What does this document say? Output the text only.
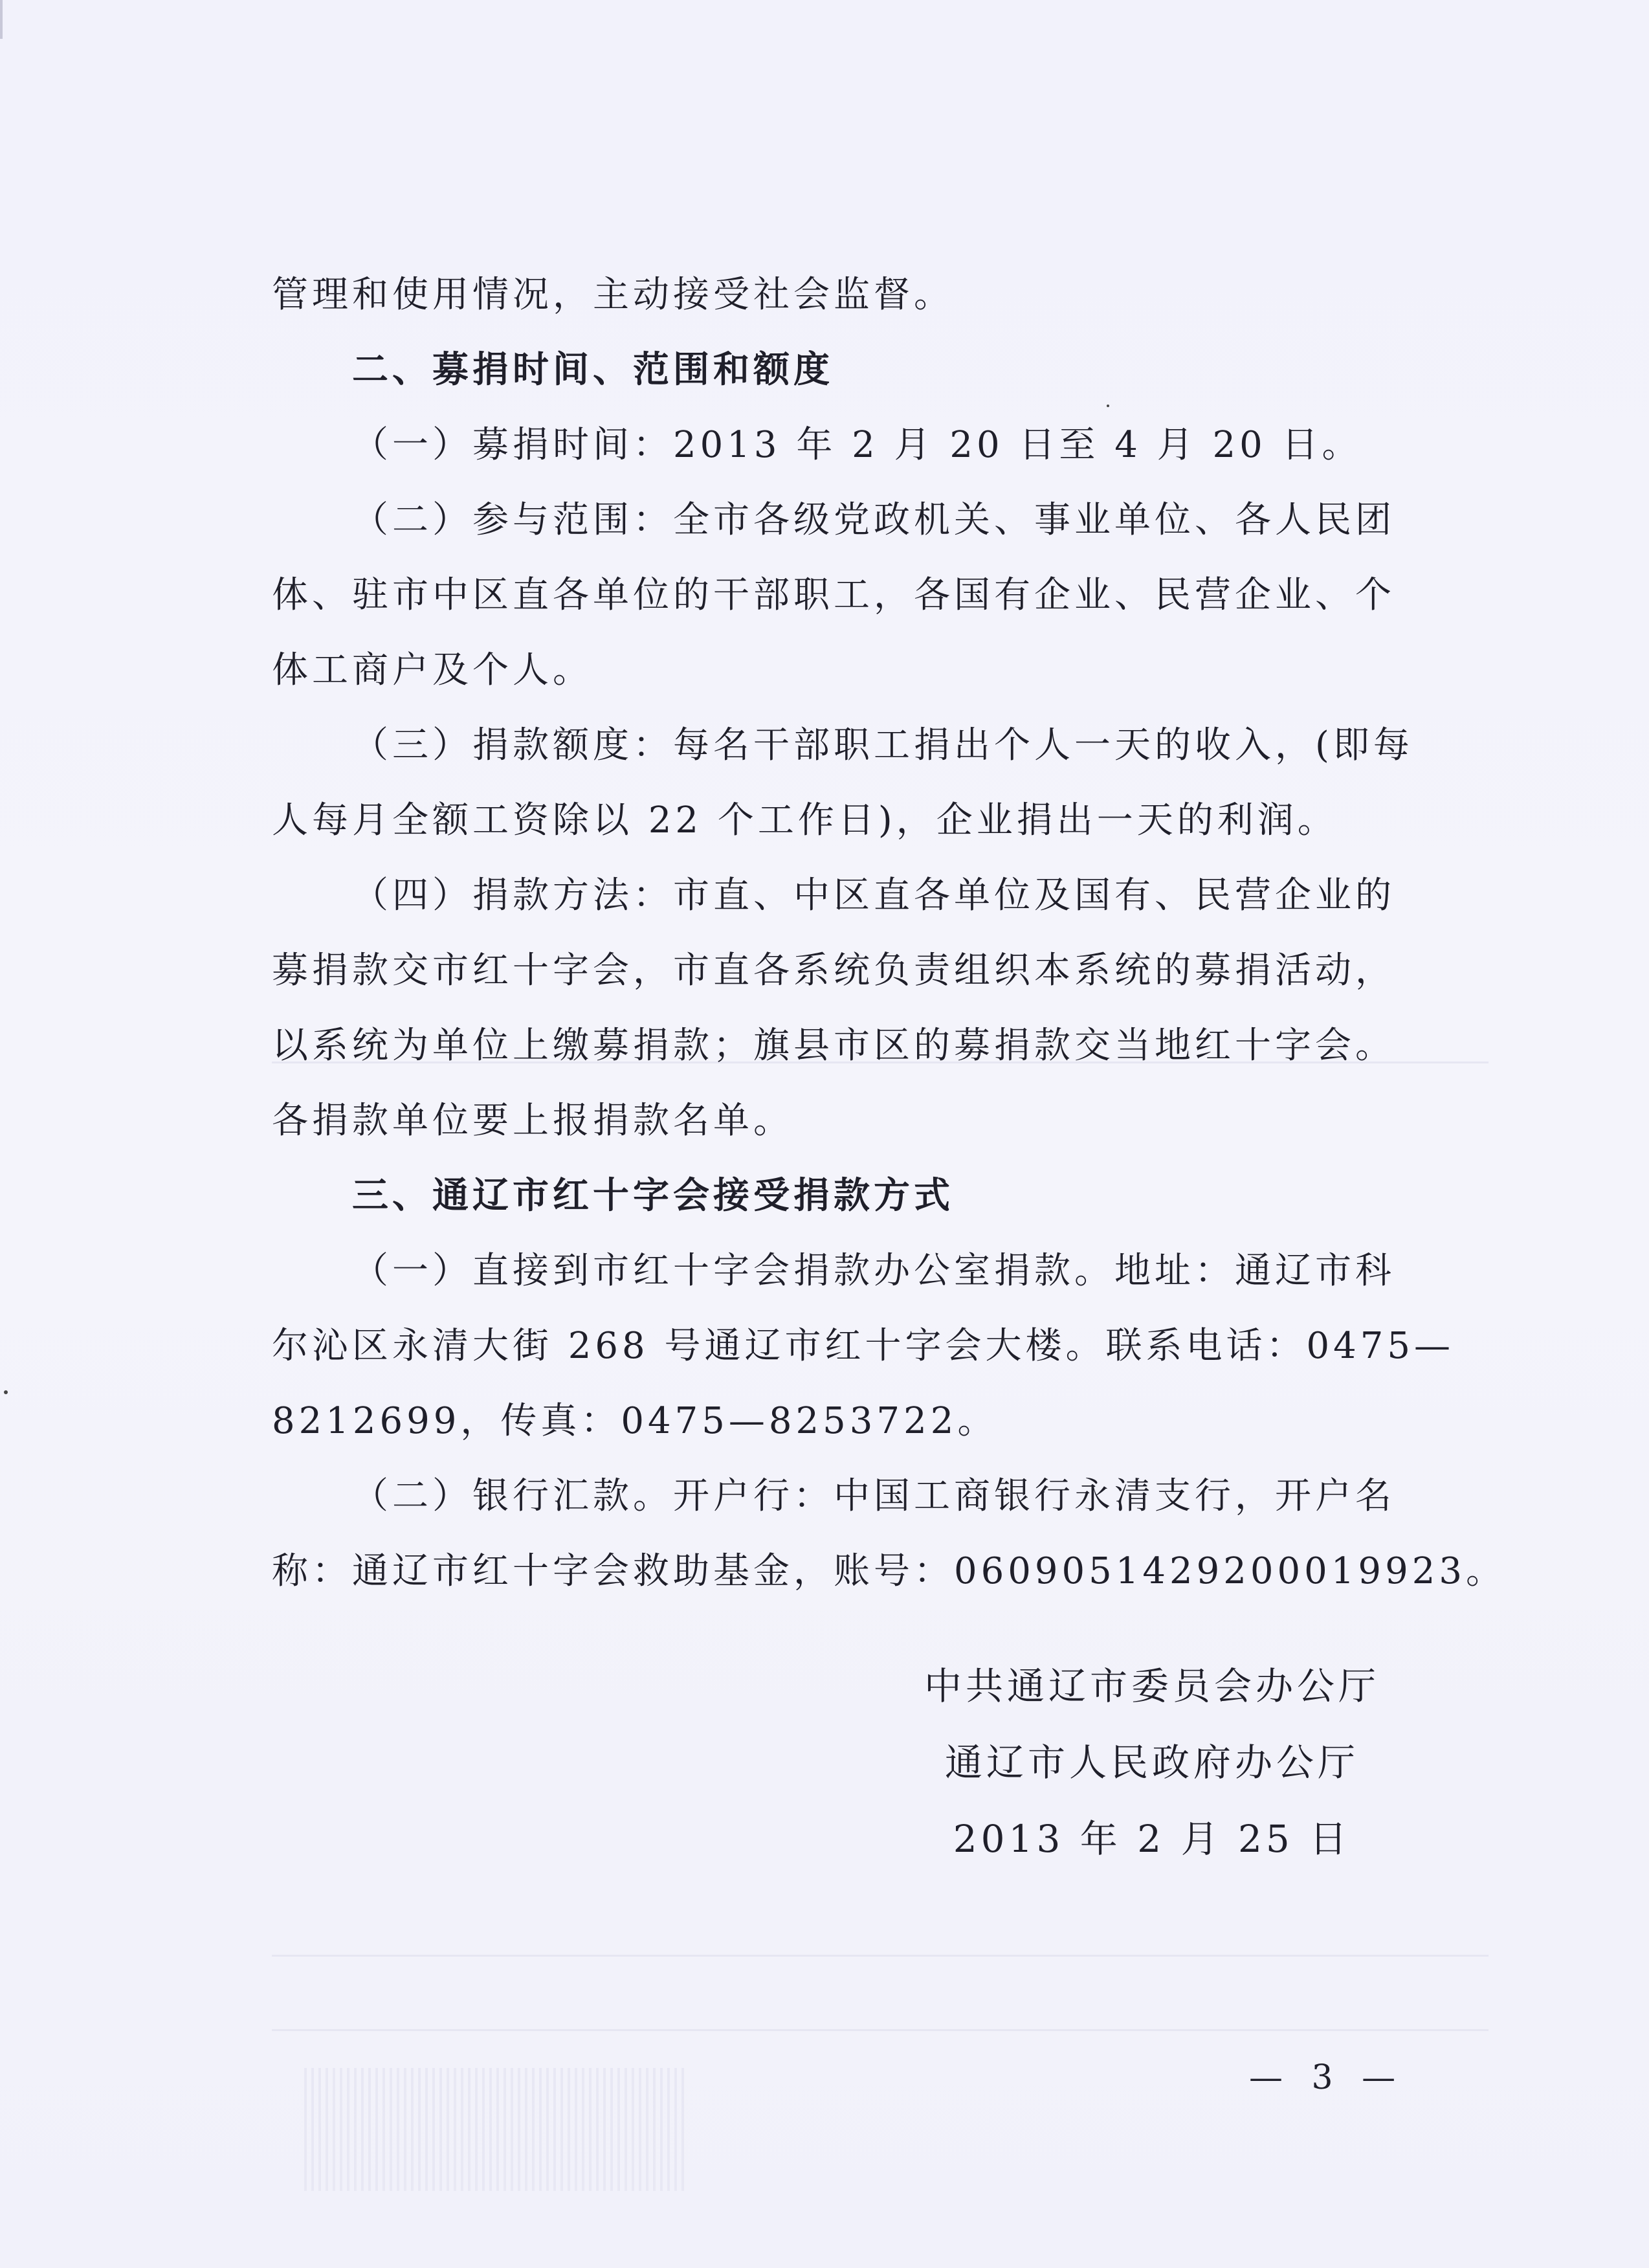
管理和使用情况，主动接受社会监督。
二、募捐时间、范围和额度
（一）募捐时间：2013 年 2 月 20 日至 4 月 20 日。
（二）参与范围：全市各级党政机关、事业单位、各人民团
体、驻市中区直各单位的干部职工，各国有企业、民营企业、个
体工商户及个人。
（三）捐款额度：每名干部职工捐出个人一天的收入，(即每
人每月全额工资除以 22 个工作日)，企业捐出一天的利润。
（四）捐款方法：市直、中区直各单位及国有、民营企业的
募捐款交市红十字会，市直各系统负责组织本系统的募捐活动，
以系统为单位上缴募捐款；旗县市区的募捐款交当地红十字会。
各捐款单位要上报捐款名单。
三、通辽市红十字会接受捐款方式
（一）直接到市红十字会捐款办公室捐款。地址：通辽市科
尔沁区永清大街 268 号通辽市红十字会大楼。联系电话：0475—
8212699，传真：0475—8253722。
（二）银行汇款。开户行：中国工商银行永清支行，开户名
称：通辽市红十字会救助基金，账号：0609051429200019923。
中共通辽市委员会办公厅
通辽市人民政府办公厅
2013 年 2 月 25 日
— 3 —
